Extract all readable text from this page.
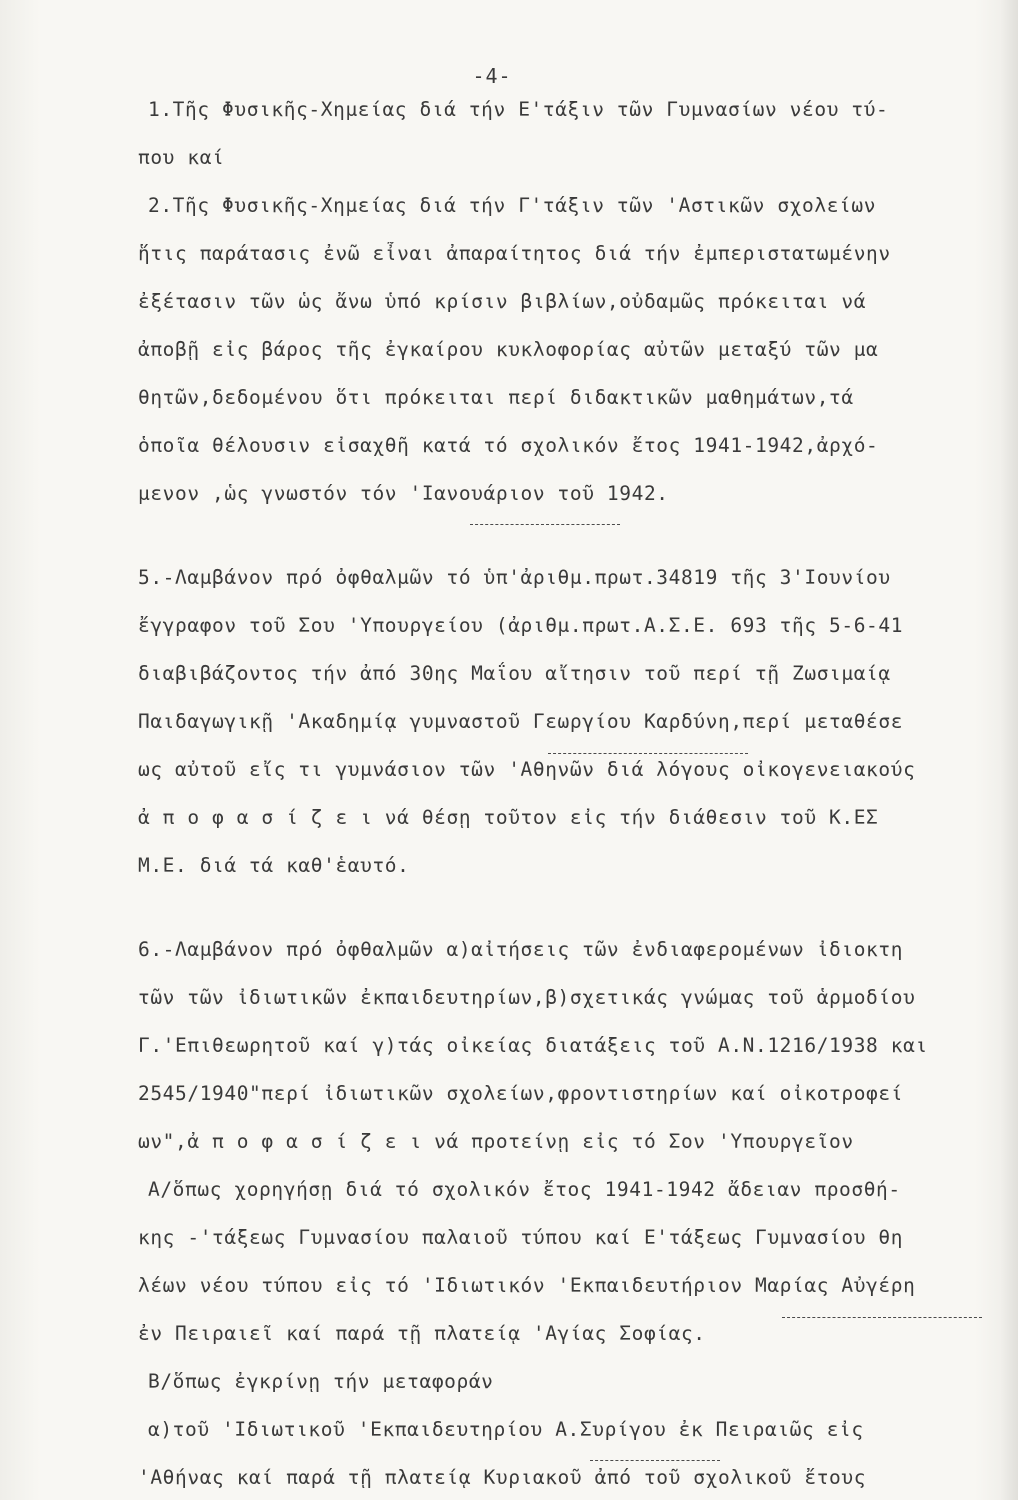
-4-
1.Τῆς Φυσικῆς-Χημείας διά τήν Ε'τάξιν τῶν Γυμνασίων νέου τύ-
που καί
2.Τῆς Φυσικῆς-Χημείας διά τήν Γ'τάξιν τῶν 'Αστικῶν σχολείων
ἥτις παράτασις ἐνῶ εἶναι ἀπαραίτητος διά τήν ἐμπεριστατωμένην
ἐξέτασιν τῶν ὡς ἄνω ὑπό κρίσιν βιβλίων,οὐδαμῶς πρόκειται νά
ἀποβῇ εἰς βάρος τῆς ἐγκαίρου κυκλοφορίας αὐτῶν μεταξύ τῶν μα
θητῶν,δεδομένου ὅτι πρόκειται περί διδακτικῶν μαθημάτων,τά
ὁποῖα θέλουσιν εἰσαχθῆ κατά τό σχολικόν ἔτος 1941-1942,ἀρχό-
μενον ,ὡς γνωστόν τόν 'Ιανουάριον τοῦ 1942.
5.-Λαμβάνον πρό ὀφθαλμῶν τό ὑπ'ἀριθμ.πρωτ.34819 τῆς 3'Ιουνίου
ἔγγραφον τοῦ Σου 'Υπουργείου (ἀριθμ.πρωτ.Α.Σ.Ε. 693 τῆς 5-6-41
διαβιβάζοντος τήν ἀπό 30ης Μαΐου αἴτησιν τοῦ περί τῇ Ζωσιμαίᾳ
Παιδαγωγικῇ 'Ακαδημίᾳ γυμναστοῦ Γεωργίου Καρδύνη,περί μεταθέσε
ως αὐτοῦ εἴς τι γυμνάσιον τῶν 'Αθηνῶν διά λόγους οἰκογενειακούς
ἀ π ο φ α σ ί ζ ε ι νά θέσῃ τοῦτον εἰς τήν διάθεσιν τοῦ Κ.ΕΣ
Μ.Ε. διά τά καθ'ἑαυτό.
6.-Λαμβάνον πρό ὀφθαλμῶν α)αἰτήσεις τῶν ἐνδιαφερομένων ἰδιοκτη
τῶν τῶν ἰδιωτικῶν ἐκπαιδευτηρίων,β)σχετικάς γνώμας τοῦ ἁρμοδίου
Γ.'Επιθεωρητοῦ καί γ)τάς οἰκείας διατάξεις τοῦ Α.Ν.1216/1938 και
2545/1940"περί ἰδιωτικῶν σχολείων,φροντιστηρίων καί οἰκοτροφεί
ων",ἀ π ο φ α σ ί ζ ε ι νά προτείνῃ εἰς τό Σον 'Υπουργεῖον
Α/ὅπως χορηγήσῃ διά τό σχολικόν ἔτος 1941-1942 ἄδειαν προσθή-
κης -'τάξεως Γυμνασίου παλαιοῦ τύπου καί Ε'τάξεως Γυμνασίου θη
λέων νέου τύπου εἰς τό 'Ιδιωτικόν 'Εκπαιδευτήριον Μαρίας Αὐγέρη
ἐν Πειραιεῖ καί παρά τῇ πλατείᾳ 'Αγίας Σοφίας.
Β/ὅπως ἐγκρίνῃ τήν μεταφοράν
α)τοῦ 'Ιδιωτικοῦ 'Εκπαιδευτηρίου Α.Συρίγου ἐκ Πειραιῶς εἰς
'Αθήνας καί παρά τῇ πλατείᾳ Κυριακοῦ ἀπό τοῦ σχολικοῦ ἔτους
